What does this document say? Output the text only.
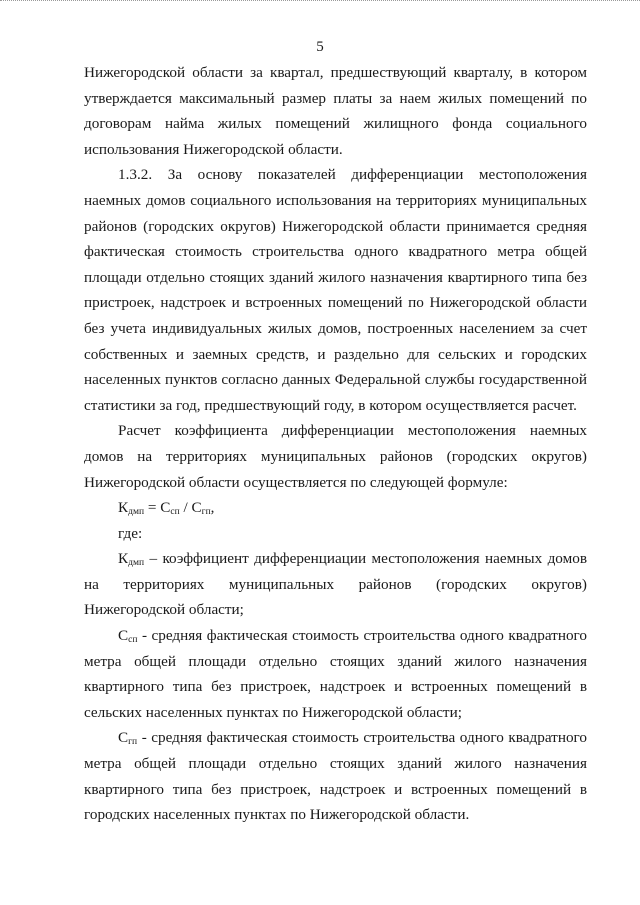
5

Нижегородской области за квартал, предшествующий кварталу, в котором утверждается максимальный размер платы за наем жилых помещений по договорам найма жилых помещений жилищного фонда социального использования Нижегородской области.

1.3.2. За основу показателей дифференциации местоположения наемных домов социального использования на территориях муниципальных районов (городских округов) Нижегородской области принимается средняя фактическая стоимость строительства одного квадратного метра общей площади отдельно стоящих зданий жилого назначения квартирного типа без пристроек, надстроек и встроенных помещений по Нижегородской области без учета индивидуальных жилых домов, построенных населением за счет собственных и заемных средств, и раздельно для сельских и городских населенных пунктов согласно данных Федеральной службы государственной статистики за год, предшествующий году, в котором осуществляется расчет.

Расчет коэффициента дифференциации местоположения наемных домов на территориях муниципальных районов (городских округов) Нижегородской области осуществляется по следующей формуле:

$К_{дмп} = С_{сп} / С_{гп}$,

где:

$К_{дмп}$ – коэффициент дифференциации местоположения наемных домов на территориях муниципальных районов (городских округов) Нижегородской области;

$С_{сп}$ - средняя фактическая стоимость строительства одного квадратного метра общей площади отдельно стоящих зданий жилого назначения квартирного типа без пристроек, надстроек и встроенных помещений в сельских населенных пунктах по Нижегородской области;

$С_{гп}$ - средняя фактическая стоимость строительства одного квадратного метра общей площади отдельно стоящих зданий жилого назначения квартирного типа без пристроек, надстроек и встроенных помещений в городских населенных пунктах по Нижегородской области.
